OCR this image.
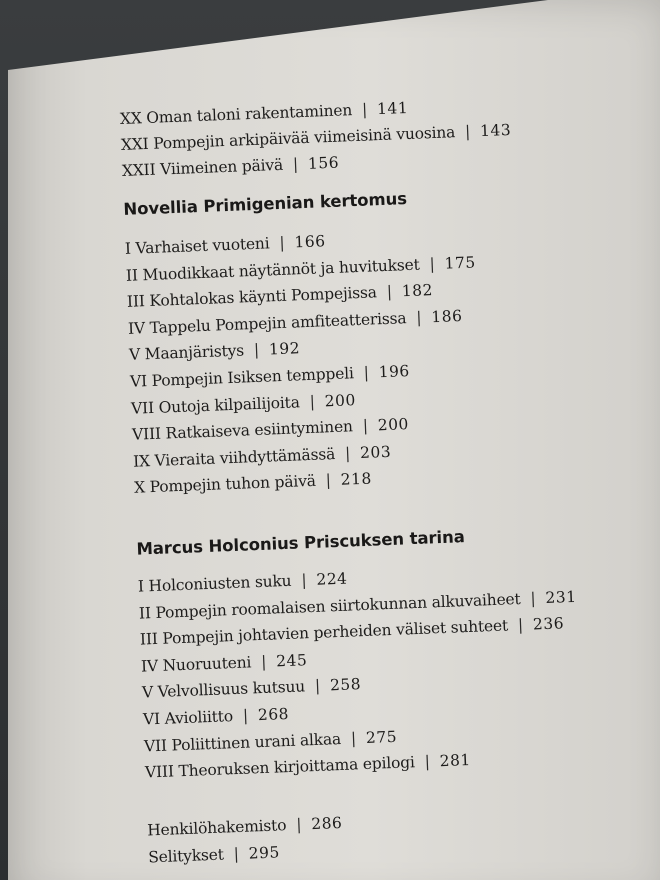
XX Oman taloni rakentaminen | 141
XXI Pompejin arkipäivää viimeisinä vuosina | 143
XXII Viimeinen päivä | 156
Novellia Primigenian kertomus
I Varhaiset vuoteni | 166
II Muodikkaat näytännöt ja huvitukset | 175
III Kohtalokas käynti Pompejissa | 182
IV Tappelu Pompejin amfiteatterissa | 186
V Maanjäristys | 192
VI Pompejin Isiksen temppeli | 196
VII Outoja kilpailijoita | 200
VIII Ratkaiseva esiintyminen | 200
IX Vieraita viihdyttämässä | 203
X Pompejin tuhon päivä | 218
Marcus Holconius Priscuksen tarina
I Holconiusten suku | 224
II Pompejin roomalaisen siirtokunnan alkuvaiheet | 231
III Pompejin johtavien perheiden väliset suhteet | 236
IV Nuoruuteni | 245
V Velvollisuus kutsuu | 258
VI Avioliitto | 268
VII Poliittinen urani alkaa | 275
VIII Theoruksen kirjoittama epilogi | 281
Henkilöhakemisto | 286
Selitykset | 295
